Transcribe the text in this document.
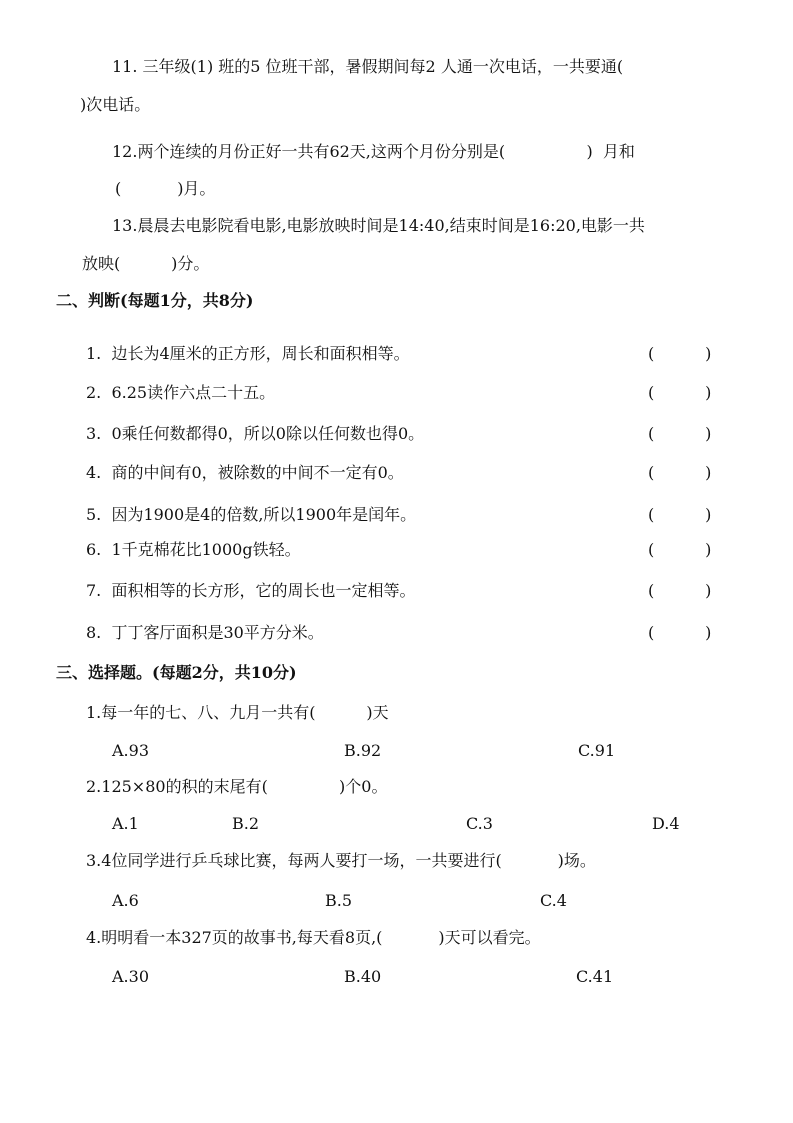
11. 三年级(1) 班的5 位班干部，暑假期间每2 人通一次电话，一共要通(
)次电话。
12.两个连续的月份正好一共有62天,这两个月份分别是(                )  月和
(           )月。
13.晨晨去电影院看电影,电影放映时间是14:40,结束时间是16:20,电影一共
放映(          )分。
二、判断(每题1分，共8分)
1.  边长为4厘米的正方形，周长和面积相等。	(          )
2.  6.25读作六点二十五。	(          )
3.  0乘任何数都得0，所以0除以任何数也得0。	(          )
4.  商的中间有0，被除数的中间不一定有0。	(          )
5.  因为1900是4的倍数,所以1900年是闰年。	(          )
6.  1千克棉花比1000g铁轻。	(          )
7.  面积相等的长方形，它的周长也一定相等。	(          )
8.  丁丁客厅面积是30平方分米。	(          )
三、选择题。(每题2分，共10分)
1.每一年的七、八、九月一共有(          )天
A.93	B.92	C.91
2.125×80的积的末尾有(              )个0。
A.1	B.2	C.3	D.4
3.4位同学进行乒乓球比赛，每两人要打一场，一共要进行(           )场。
A.6	B.5	C.4
4.明明看一本327页的故事书,每天看8页,(           )天可以看完。
A.30	B.40	C.41
